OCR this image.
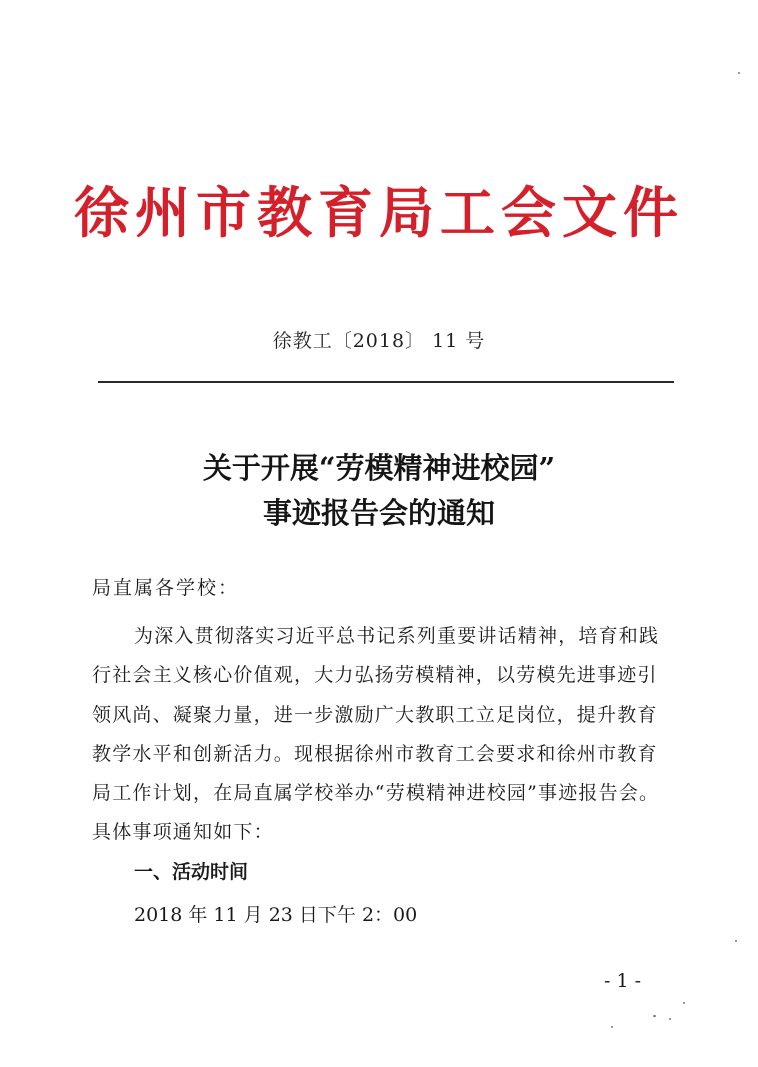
徐州市教育局工会文件
徐教工〔2018〕 11 号
关于开展“劳模精神进校园”
事迹报告会的通知
局直属各学校：
为深入贯彻落实习近平总书记系列重要讲话精神，培育和践
行社会主义核心价值观，大力弘扬劳模精神，以劳模先进事迹引
领风尚、凝聚力量，进一步激励广大教职工立足岗位，提升教育
教学水平和创新活力。现根据徐州市教育工会要求和徐州市教育
局工作计划，在局直属学校举办“劳模精神进校园”事迹报告会。
具体事项通知如下：
一、活动时间
2018 年 11 月 23 日下午 2：00
- 1 -
